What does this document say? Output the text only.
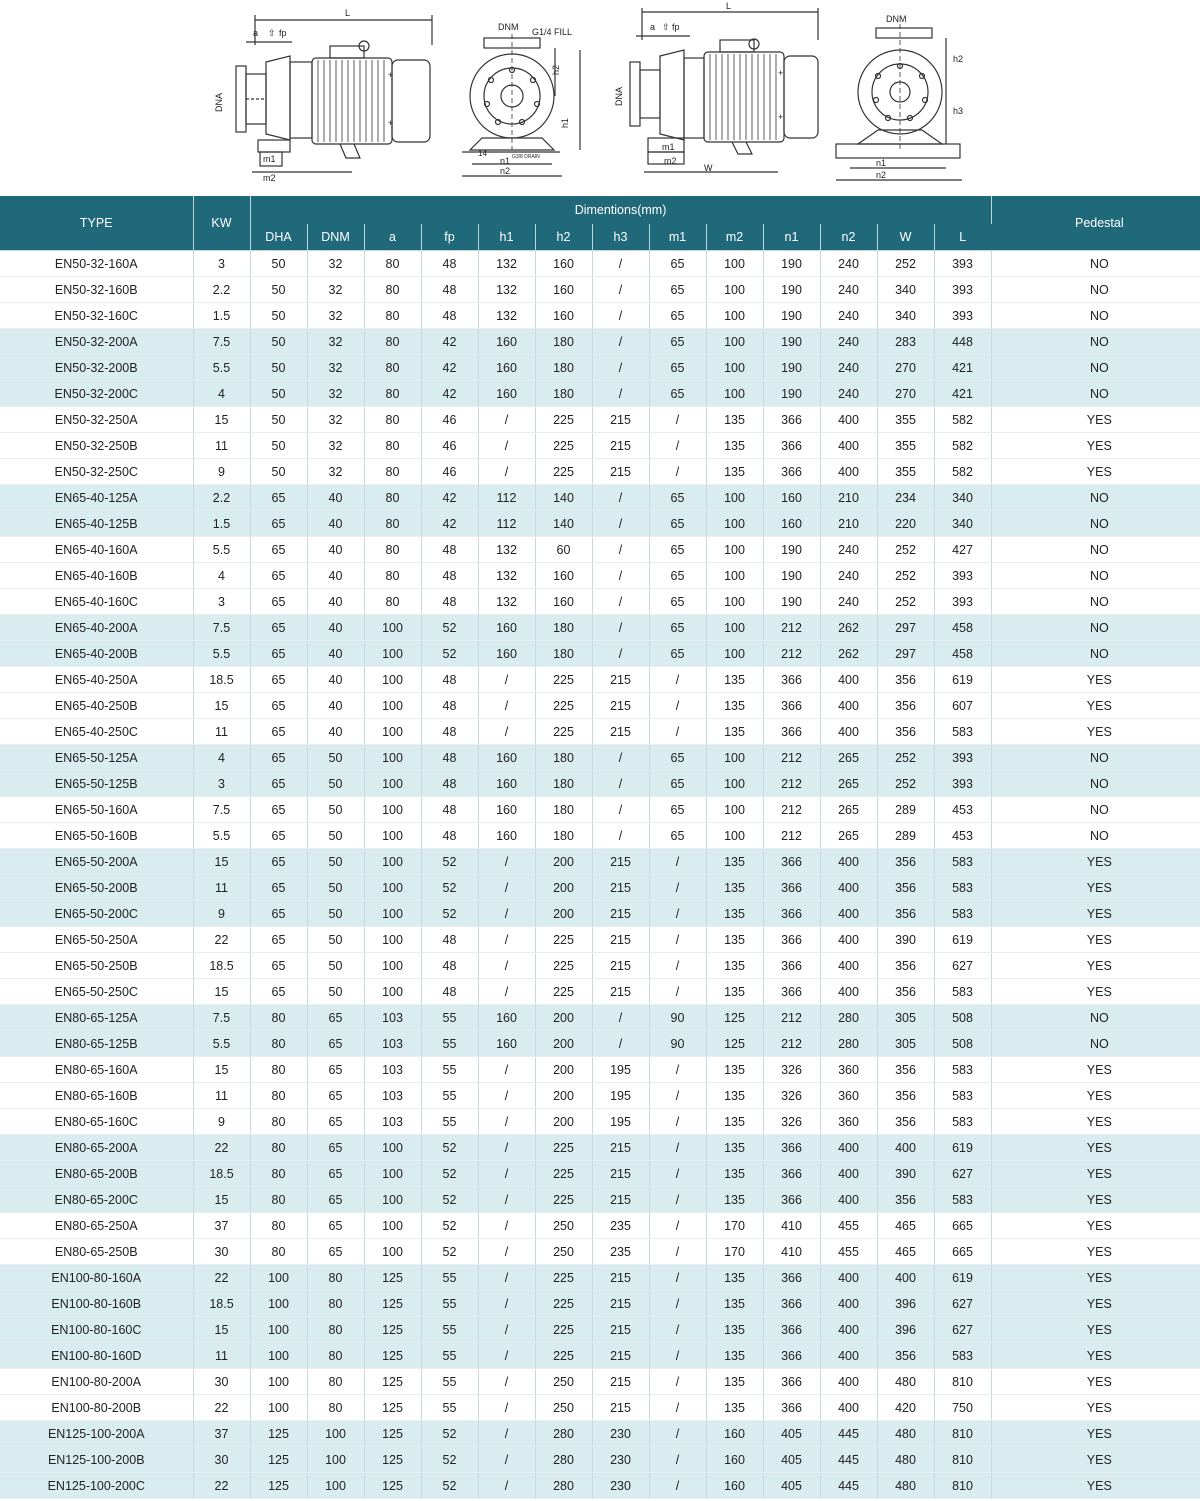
L
a ⇧ fp
DNA
+
+
m1
m2
DNM G1/4 FILL
h2
h1
14	G3/8 DRAIN
n1
n2
L
a ⇧ fp
DNA
+
+
m2
m1
W
DNM
h2
h3
n1
n2
TYPE	KW	Dimentions(mm)													Pedestal
		DHA	DNM	a	fp	h1	h2	h3	m1	m2	n1	n2	W	L	
EN50-32-160A	3	50	32	80	48	132	160	/	65	100	190	240	252	393	NO
EN50-32-160B	2.2	50	32	80	48	132	160	/	65	100	190	240	340	393	NO
EN50-32-160C	1.5	50	32	80	48	132	160	/	65	100	190	240	340	393	NO
EN50-32-200A	7.5	50	32	80	42	160	180	/	65	100	190	240	283	448	NO
EN50-32-200B	5.5	50	32	80	42	160	180	/	65	100	190	240	270	421	NO
EN50-32-200C	4	50	32	80	42	160	180	/	65	100	190	240	270	421	NO
EN50-32-250A	15	50	32	80	46	/	225	215	/	135	366	400	355	582	YES
EN50-32-250B	11	50	32	80	46	/	225	215	/	135	366	400	355	582	YES
EN50-32-250C	9	50	32	80	46	/	225	215	/	135	366	400	355	582	YES
EN65-40-125A	2.2	65	40	80	42	112	140	/	65	100	160	210	234	340	NO
EN65-40-125B	1.5	65	40	80	42	112	140	/	65	100	160	210	220	340	NO
EN65-40-160A	5.5	65	40	80	48	132	60	/	65	100	190	240	252	427	NO
EN65-40-160B	4	65	40	80	48	132	160	/	65	100	190	240	252	393	NO
EN65-40-160C	3	65	40	80	48	132	160	/	65	100	190	240	252	393	NO
EN65-40-200A	7.5	65	40	100	52	160	180	/	65	100	212	262	297	458	NO
EN65-40-200B	5.5	65	40	100	52	160	180	/	65	100	212	262	297	458	NO
EN65-40-250A	18.5	65	40	100	48	/	225	215	/	135	366	400	356	619	YES
EN65-40-250B	15	65	40	100	48	/	225	215	/	135	366	400	356	607	YES
EN65-40-250C	11	65	40	100	48	/	225	215	/	135	366	400	356	583	YES
EN65-50-125A	4	65	50	100	48	160	180	/	65	100	212	265	252	393	NO
EN65-50-125B	3	65	50	100	48	160	180	/	65	100	212	265	252	393	NO
EN65-50-160A	7.5	65	50	100	48	160	180	/	65	100	212	265	289	453	NO
EN65-50-160B	5.5	65	50	100	48	160	180	/	65	100	212	265	289	453	NO
EN65-50-200A	15	65	50	100	52	/	200	215	/	135	366	400	356	583	YES
EN65-50-200B	11	65	50	100	52	/	200	215	/	135	366	400	356	583	YES
EN65-50-200C	9	65	50	100	52	/	200	215	/	135	366	400	356	583	YES
EN65-50-250A	22	65	50	100	48	/	225	215	/	135	366	400	390	619	YES
EN65-50-250B	18.5	65	50	100	48	/	225	215	/	135	366	400	356	627	YES
EN65-50-250C	15	65	50	100	48	/	225	215	/	135	366	400	356	583	YES
EN80-65-125A	7.5	80	65	103	55	160	200	/	90	125	212	280	305	508	NO
EN80-65-125B	5.5	80	65	103	55	160	200	/	90	125	212	280	305	508	NO
EN80-65-160A	15	80	65	103	55	/	200	195	/	135	326	360	356	583	YES
EN80-65-160B	11	80	65	103	55	/	200	195	/	135	326	360	356	583	YES
EN80-65-160C	9	80	65	103	55	/	200	195	/	135	326	360	356	583	YES
EN80-65-200A	22	80	65	100	52	/	225	215	/	135	366	400	400	619	YES
EN80-65-200B	18.5	80	65	100	52	/	225	215	/	135	366	400	390	627	YES
EN80-65-200C	15	80	65	100	52	/	225	215	/	135	366	400	356	583	YES
EN80-65-250A	37	80	65	100	52	/	250	235	/	170	410	455	465	665	YES
EN80-65-250B	30	80	65	100	52	/	250	235	/	170	410	455	465	665	YES
EN100-80-160A	22	100	80	125	55	/	225	215	/	135	366	400	400	619	YES
EN100-80-160B	18.5	100	80	125	55	/	225	215	/	135	366	400	396	627	YES
EN100-80-160C	15	100	80	125	55	/	225	215	/	135	366	400	396	627	YES
EN100-80-160D	11	100	80	125	55	/	225	215	/	135	366	400	356	583	YES
EN100-80-200A	30	100	80	125	55	/	250	215	/	135	366	400	480	810	YES
EN100-80-200B	22	100	80	125	55	/	250	215	/	135	366	400	420	750	YES
EN125-100-200A	37	125	100	125	52	/	280	230	/	160	405	445	480	810	YES
EN125-100-200B	30	125	100	125	52	/	280	230	/	160	405	445	480	810	YES
EN125-100-200C	22	125	100	125	52	/	280	230	/	160	405	445	480	810	YES
